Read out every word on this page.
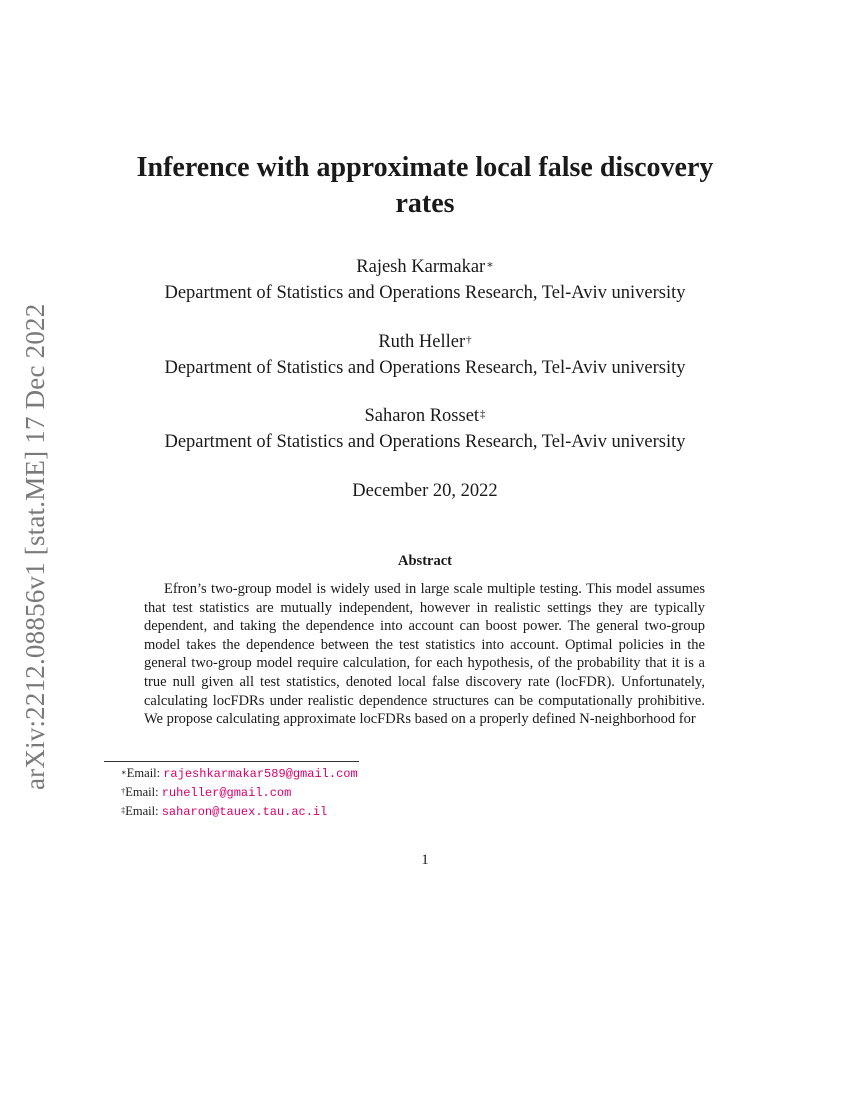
arXiv:2212.08856v1 [stat.ME] 17 Dec 2022
Inference with approximate local false discovery rates
Rajesh Karmakar∗
Department of Statistics and Operations Research, Tel-Aviv university
Ruth Heller†
Department of Statistics and Operations Research, Tel-Aviv university
Saharon Rosset‡
Department of Statistics and Operations Research, Tel-Aviv university
December 20, 2022
Abstract

Efron’s two-group model is widely used in large scale multiple testing. This model assumes that test statistics are mutually independent, however in realistic settings they are typically dependent, and taking the dependence into account can boost power. The general two-group model takes the dependence between the test statistics into account. Optimal policies in the general two-group model require calculation, for each hypothesis, of the probability that it is a true null given all test statistics, denoted local false discovery rate (locFDR). Unfortunately, calculating locFDRs under realistic dependence structures can be computationally prohibitive. We propose calculating approximate locFDRs based on a properly defined N-neighborhood for

∗Email: rajeshkarmakar589@gmail.com
†Email: ruheller@gmail.com
‡Email: saharon@tauex.tau.ac.il
1
